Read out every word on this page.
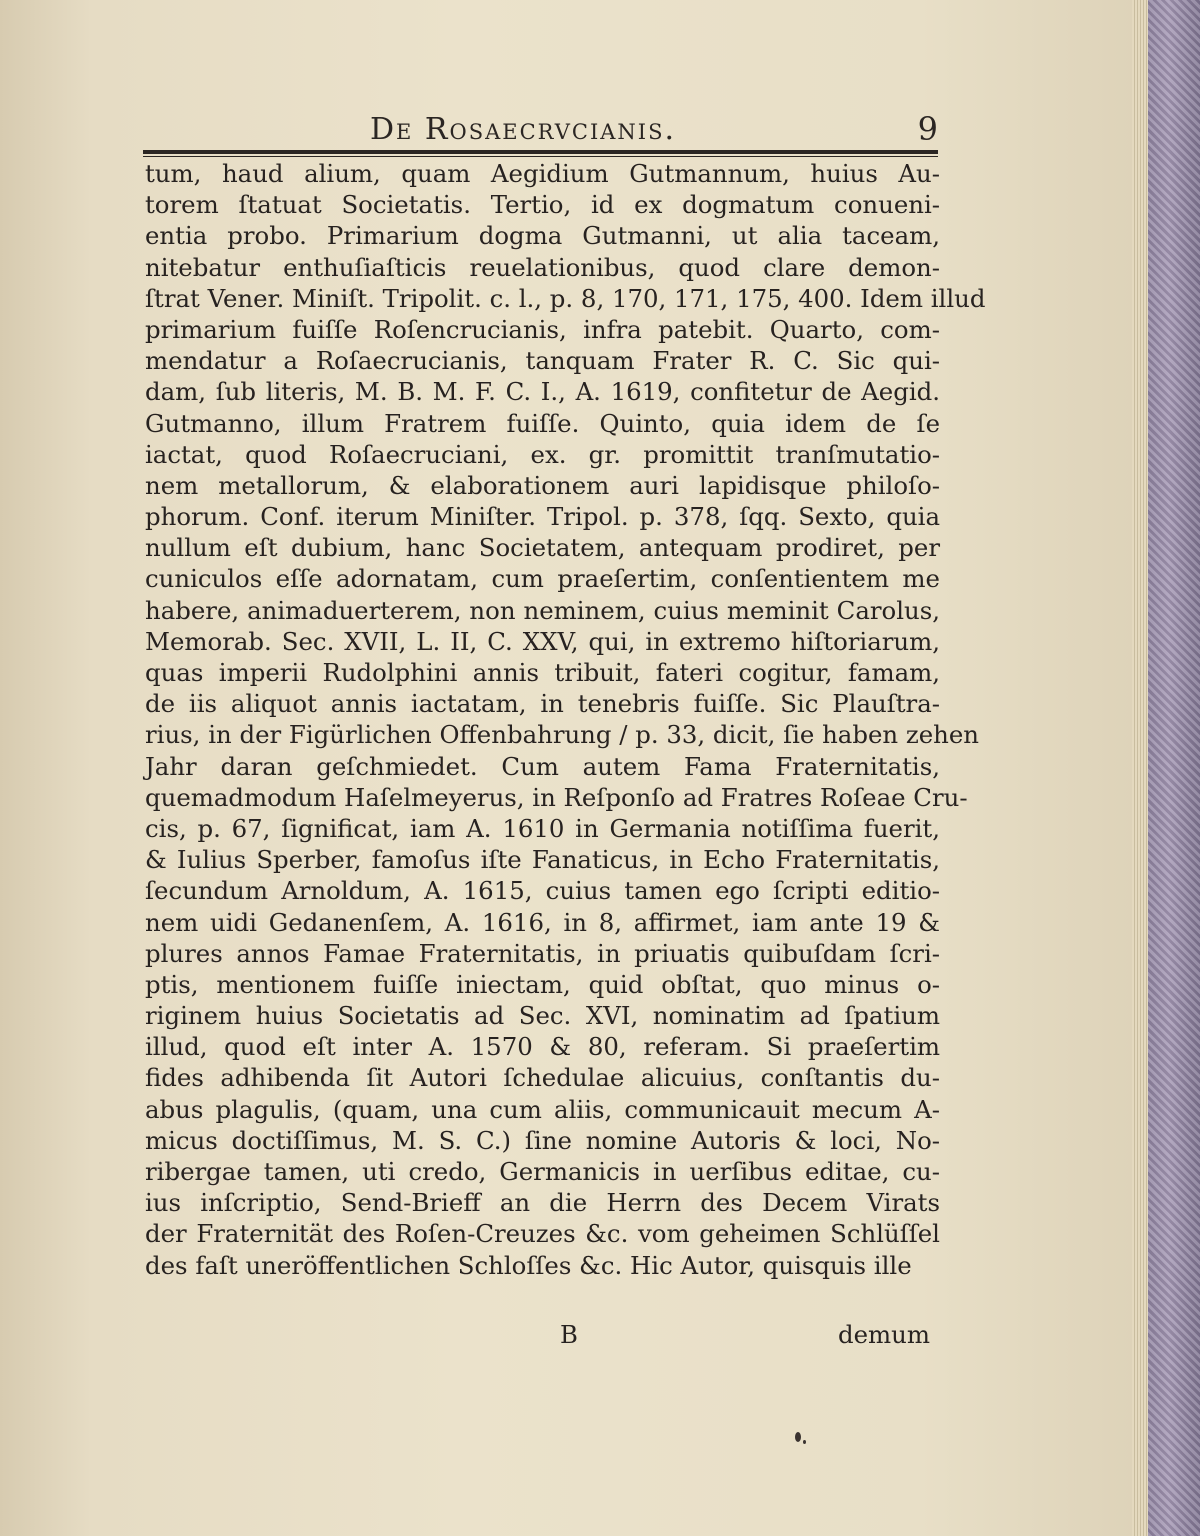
De Rosaecrvcianis.	9
tum, haud alium, quam Aegidium Gutmannum, huius Au-
torem ſtatuat Societatis. Tertio, id ex dogmatum conueni-
entia probo. Primarium dogma Gutmanni, ut alia taceam,
nitebatur enthuſiaſticis reuelationibus, quod clare demon-
ſtrat Vener. Miniſt. Tripolit. c. l., p. 8, 170, 171, 175, 400. Idem illud
primarium fuiſſe Roſencrucianis, infra patebit. Quarto, com-
mendatur a Roſaecrucianis, tanquam Frater R. C. Sic qui-
dam, ſub literis, M. B. M. F. C. I., A. 1619, confitetur de Aegid.
Gutmanno, illum Fratrem fuiſſe. Quinto, quia idem de ſe
iactat, quod Roſaecruciani, ex. gr. promittit tranſmutatio-
nem metallorum, & elaborationem auri lapidisque philoſo-
phorum. Conf. iterum Miniſter. Tripol. p. 378, ſqq. Sexto, quia
nullum eſt dubium, hanc Societatem, antequam prodiret, per
cuniculos eſſe adornatam, cum praeſertim, conſentientem me
habere, animaduerterem, non neminem, cuius meminit Carolus,
Memorab. Sec. XVII, L. II, C. XXV, qui, in extremo hiſtoriarum,
quas imperii Rudolphini annis tribuit, fateri cogitur, famam,
de iis aliquot annis iactatam, in tenebris fuiſſe. Sic Plauſtra-
rius, in der Figürlichen Offenbahrung / p. 33, dicit, ſie haben zehen
Jahr daran geſchmiedet. Cum autem Fama Fraternitatis,
quemadmodum Haſelmeyerus, in Reſponſo ad Fratres Roſeae Cru-
cis, p. 67, ſignificat, iam A. 1610 in Germania notiſſima fuerit,
& Iulius Sperber, famoſus iſte Fanaticus, in Echo Fraternitatis,
ſecundum Arnoldum, A. 1615, cuius tamen ego ſcripti editio-
nem uidi Gedanenſem, A. 1616, in 8, affirmet, iam ante 19 &
plures annos Famae Fraternitatis, in priuatis quibuſdam ſcri-
ptis, mentionem fuiſſe iniectam, quid obſtat, quo minus o-
riginem huius Societatis ad Sec. XVI, nominatim ad ſpatium
illud, quod eſt inter A. 1570 & 80, referam. Si praeſertim
fides adhibenda ſit Autori ſchedulae alicuius, conſtantis du-
abus plagulis, (quam, una cum aliis, communicauit mecum A-
micus doctiſſimus, M. S. C.) ſine nomine Autoris & loci, No-
ribergae tamen, uti credo, Germanicis in uerſibus editae, cu-
ius inſcriptio, Send-Brieff an die Herrn des Decem Virats
der Fraternität des Roſen-Creuzes &c. vom geheimen Schlüſſel
des faſt uneröffentlichen Schloſſes &c. Hic Autor, quisquis ille
B	demum
